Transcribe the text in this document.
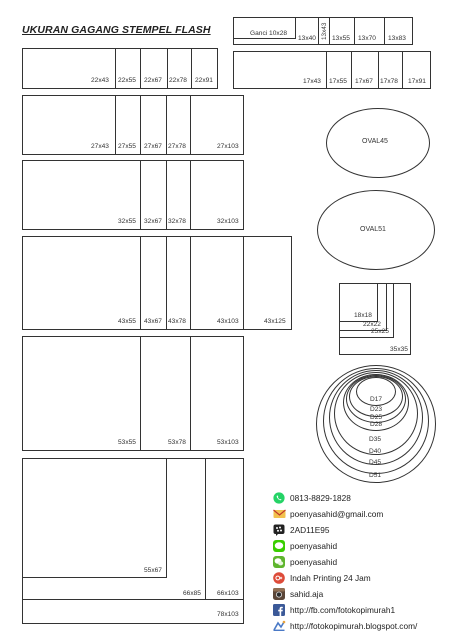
UKURAN GAGANG STEMPEL FLASH
22x43 22x55 22x67 22x78 22x91
27x43 27x55 27x67 27x78	27x103
32x55 32x67 32x78	32x103
43x55 43x67 43x78	43x103	43x125
53x55	53x78	53x103
55x67
66x85 66x103
78x103
Ganci 10x28
13x40 13x43 13x55 13x70 13x83
17x43 17x55 17x67 17x78 17x91
OVAL45
OVAL51
18x18
22x22
25x25
35x35
D17
D23
D25
D28
D35
D40
D45
D51
0813-8829-1828
poenyasahid@gmail.com
2AD11E95
poenyasahid
poenyasahid
Indah Printing 24 Jam
sahid.aja
http://fb.com/fotokopimurah1
http://fotokopimurah.blogspot.com/
